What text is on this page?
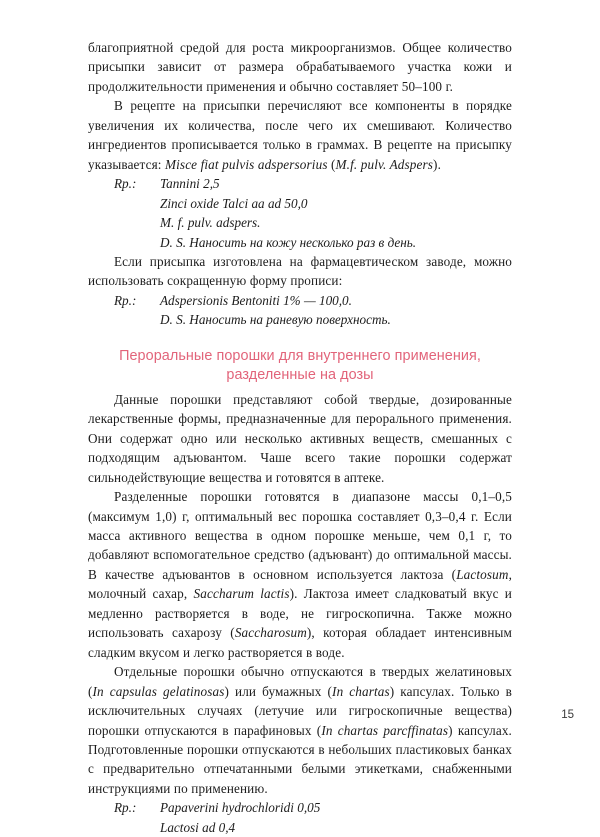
благоприятной средой для роста микроорганизмов. Общее количество присыпки зависит от размера обрабатываемого участка кожи и продолжительности применения и обычно составляет 50–100 г.

В рецепте на присыпки перечисляют все компоненты в порядке увеличения их количества, после чего их смешивают. Количество ингредиентов прописывается только в граммах. В рецепте на присыпку указывается: Misce fiat pulvis adspersorius (M.f. pulv. Adspers).

Rp.:	Tannini 2,5
Zinci oxide Talci aa ad 50,0
M. f. pulv. adspers.
D. S. Наносить на кожу несколько раз в день.

Если присыпка изготовлена на фармацевтическом заводе, можно использовать сокращенную форму прописи:

Rp.:	Adspersionis Bentoniti 1% — 100,0.
D. S. Наносить на раневую поверхность.
Пероральные порошки для внутреннего применения,
разделенные на дозы

Данные порошки представляют собой твердые, дозированные лекарственные формы, предназначенные для перорального применения. Они содержат одно или несколько активных веществ, смешанных с подходящим адъювантом. Чаше всего такие порошки содержат сильнодействующие вещества и готовятся в аптеке.

Разделенные порошки готовятся в диапазоне массы 0,1–0,5 (максимум 1,0) г, оптимальный вес порошка составляет 0,3–0,4 г. Если масса активного вещества в одном порошке меньше, чем 0,1 г, то добавляют вспомогательное средство (адъювант) до оптимальной массы. В качестве адъювантов в основном используется лактоза (Lactosum, молочный сахар, Saccharum lactis). Лактоза имеет сладковатый вкус и медленно растворяется в воде, не гигроскопична. Также можно использовать сахарозу (Saccharosum), которая обладает интенсивным сладким вкусом и легко растворяется в воде.

Отдельные порошки обычно отпускаются в твердых желатиновых (In capsulas gelatinosas) или бумажных (In chartas) капсулах. Только в исключительных случаях (летучие или гигроскопичные вещества) порошки отпускаются в парафиновых (In chartas parcffinatas) капсулах. Подготовленные порошки отпускаются в небольших пластиковых банках с предварительно отпечатанными белыми этикетками, снабженными инструкциями по применению.

Rp.:	Papaverini hydrochloridi 0,05
Lactosi ad 0,4
15
